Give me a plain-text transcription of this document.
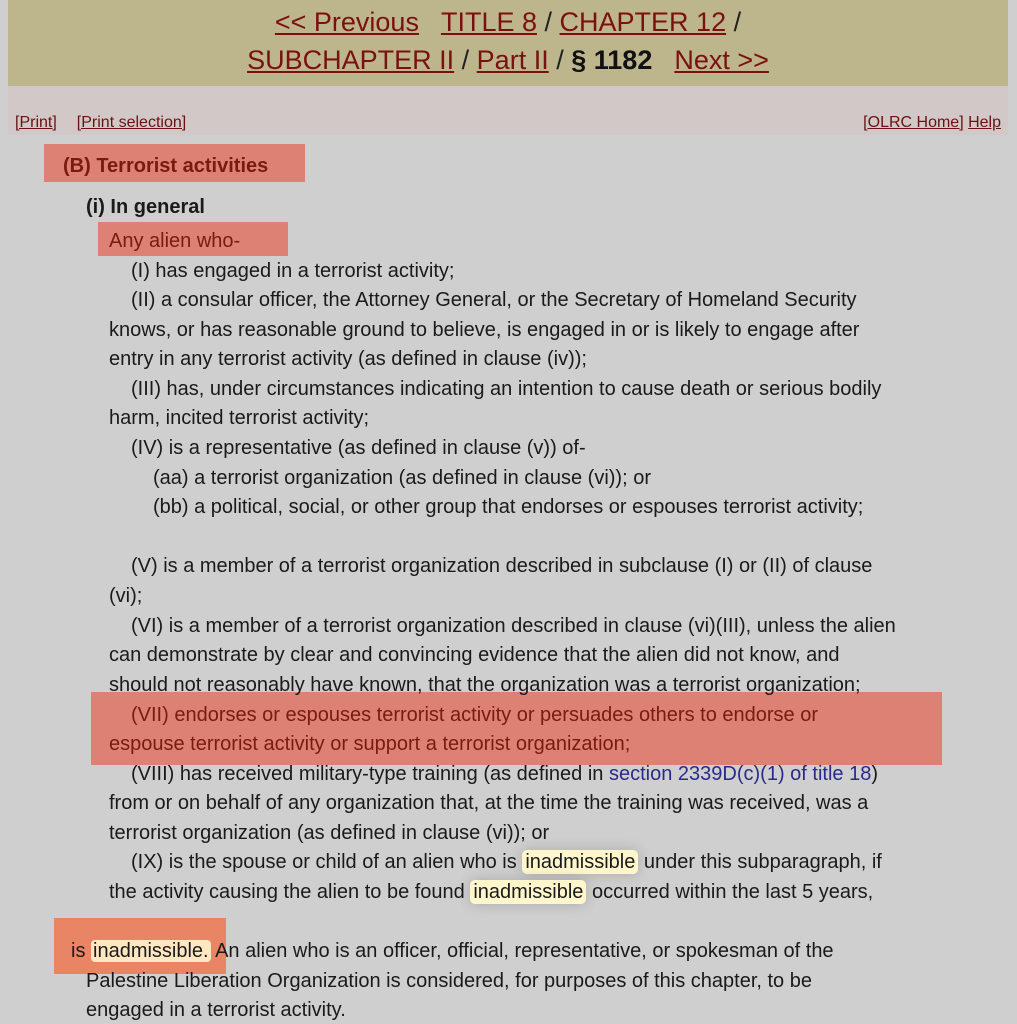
<< Previous TITLE 8 / CHAPTER 12 /
SUBCHAPTER II / Part II / § 1182 Next >>
[Print] [Print selection]	[OLRC Home] Help
(B) Terrorist activities
(i) In general
Any alien who-
(I) has engaged in a terrorist activity;
(II) a consular officer, the Attorney General, or the Secretary of Homeland Security
knows, or has reasonable ground to believe, is engaged in or is likely to engage after
entry in any terrorist activity (as defined in clause (iv));
(III) has, under circumstances indicating an intention to cause death or serious bodily
harm, incited terrorist activity;
(IV) is a representative (as defined in clause (v)) of-
(aa) a terrorist organization (as defined in clause (vi)); or
(bb) a political, social, or other group that endorses or espouses terrorist activity;
(V) is a member of a terrorist organization described in subclause (I) or (II) of clause
(vi);
(VI) is a member of a terrorist organization described in clause (vi)(III), unless the alien
can demonstrate by clear and convincing evidence that the alien did not know, and
should not reasonably have known, that the organization was a terrorist organization;
(VII) endorses or espouses terrorist activity or persuades others to endorse or
espouse terrorist activity or support a terrorist organization;
(VIII) has received military-type training (as defined in section 2339D(c)(1) of title 18)
from or on behalf of any organization that, at the time the training was received, was a
terrorist organization (as defined in clause (vi)); or
(IX) is the spouse or child of an alien who is inadmissible under this subparagraph, if
the activity causing the alien to be found inadmissible occurred within the last 5 years,
is inadmissible. An alien who is an officer, official, representative, or spokesman of the
Palestine Liberation Organization is considered, for purposes of this chapter, to be
engaged in a terrorist activity.
